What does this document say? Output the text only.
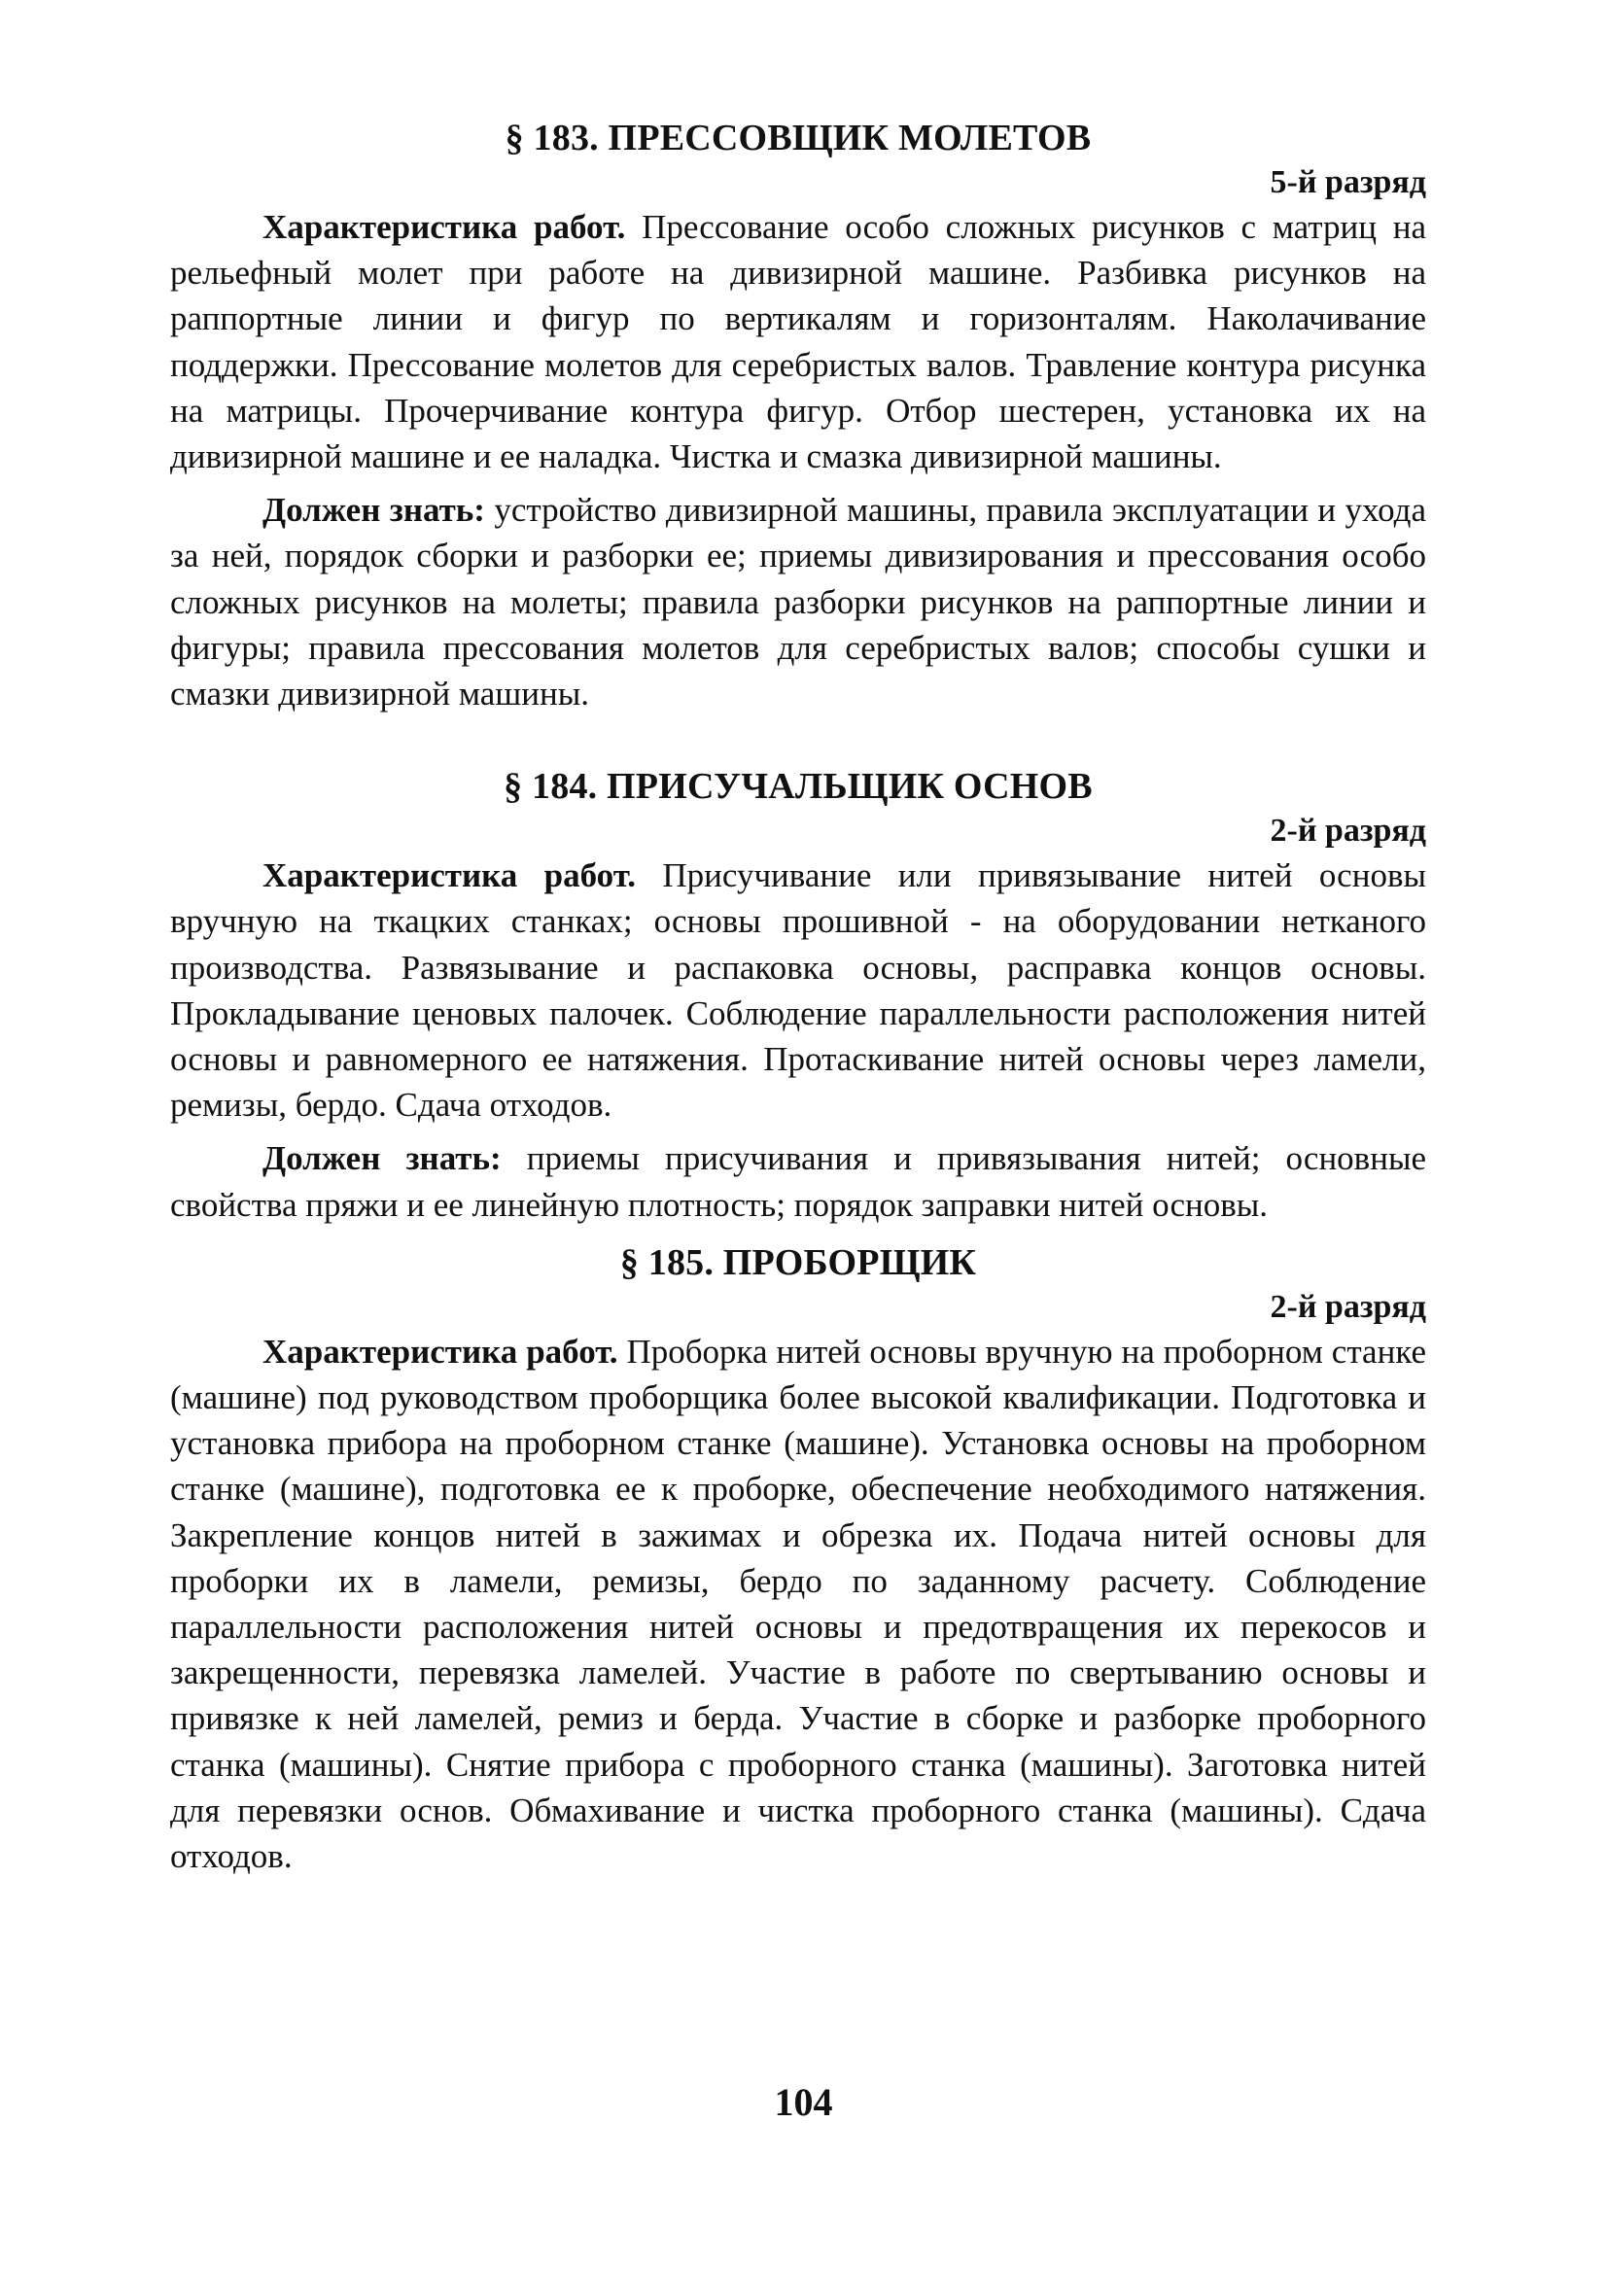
§ 183. ПРЕССОВЩИК МОЛЕТОВ

5-й разряд

Характеристика работ. Прессование особо сложных рисунков с матриц на рельефный молет при работе на дивизирной машине. Разбивка рисунков на раппортные линии и фигур по вертикалям и горизонталям. Наколачивание поддержки. Прессование молетов для серебристых валов. Травление контура рисунка на матрицы. Прочерчивание контура фигур. Отбор шестерен, установка их на дивизирной машине и ее наладка. Чистка и смазка дивизирной машины.

Должен знать: устройство дивизирной машины, правила эксплуатации и ухода за ней, порядок сборки и разборки ее; приемы дивизирования и прессования особо сложных рисунков на молеты; правила разборки рисунков на раппортные линии и фигуры; правила прессования молетов для серебристых валов; способы сушки и смазки дивизирной машины.

§ 184. ПРИСУЧАЛЬЩИК ОСНОВ

2-й разряд

Характеристика работ. Присучивание или привязывание нитей основы вручную на ткацких станках; основы прошивной - на оборудовании нетканого производства. Развязывание и распаковка основы, расправка концов основы. Прокладывание ценовых палочек. Соблюдение параллельности расположения нитей основы и равномерного ее натяжения. Протаскивание нитей основы через ламели, ремизы, бердо. Сдача отходов.

Должен знать: приемы присучивания и привязывания нитей; основные свойства пряжи и ее линейную плотность; порядок заправки нитей основы.

§ 185. ПРОБОРЩИК

2-й разряд

Характеристика работ. Проборка нитей основы вручную на проборном станке (машине) под руководством проборщика более высокой квалификации. Подготовка и установка прибора на проборном станке (машине). Установка основы на проборном станке (машине), подготовка ее к проборке, обеспечение необходимого натяжения. Закрепление концов нитей в зажимах и обрезка их. Подача нитей основы для проборки их в ламели, ремизы, бердо по заданному расчету. Соблюдение параллельности расположения нитей основы и предотвращения их перекосов и закрещенности, перевязка ламелей. Участие в работе по свертыванию основы и привязке к ней ламелей, ремиз и берда. Участие в сборке и разборке проборного станка (машины). Снятие прибора с проборного станка (машины). Заготовка нитей для перевязки основ. Обмахивание и чистка проборного станка (машины). Сдача отходов.

104
